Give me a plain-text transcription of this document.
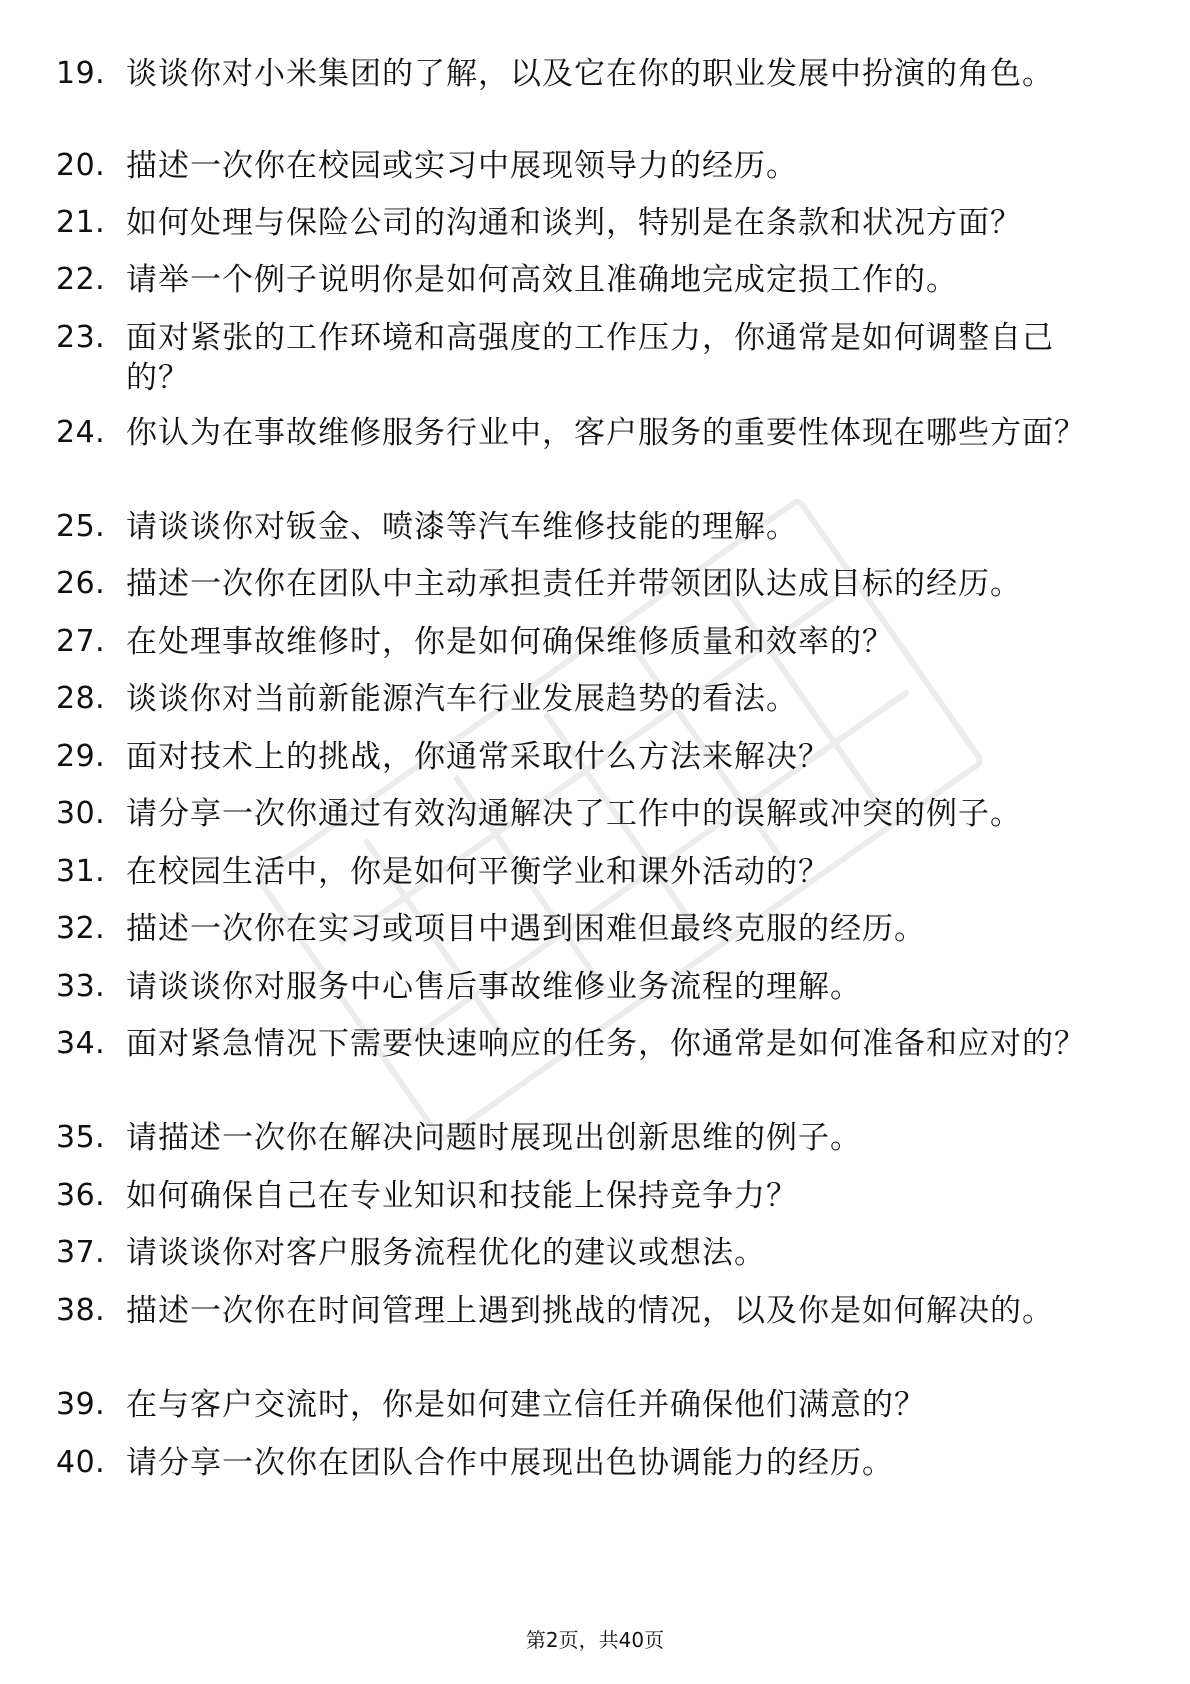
19. 谈谈你对小米集团的了解，以及它在你的职业发展中扮演的角色。
20. 描述一次你在校园或实习中展现领导力的经历。
21. 如何处理与保险公司的沟通和谈判，特别是在条款和状况方面？
22. 请举一个例子说明你是如何高效且准确地完成定损工作的。
23. 面对紧张的工作环境和高强度的工作压力，你通常是如何调整自己的？
24. 你认为在事故维修服务行业中，客户服务的重要性体现在哪些方面？
25. 请谈谈你对钣金、喷漆等汽车维修技能的理解。
26. 描述一次你在团队中主动承担责任并带领团队达成目标的经历。
27. 在处理事故维修时，你是如何确保维修质量和效率的？
28. 谈谈你对当前新能源汽车行业发展趋势的看法。
29. 面对技术上的挑战，你通常采取什么方法来解决？
30. 请分享一次你通过有效沟通解决了工作中的误解或冲突的例子。
31. 在校园生活中，你是如何平衡学业和课外活动的？
32. 描述一次你在实习或项目中遇到困难但最终克服的经历。
33. 请谈谈你对服务中心售后事故维修业务流程的理解。
34. 面对紧急情况下需要快速响应的任务，你通常是如何准备和应对的？
35. 请描述一次你在解决问题时展现出创新思维的例子。
36. 如何确保自己在专业知识和技能上保持竞争力？
37. 请谈谈你对客户服务流程优化的建议或想法。
38. 描述一次你在时间管理上遇到挑战的情况，以及你是如何解决的。
39. 在与客户交流时，你是如何建立信任并确保他们满意的？
40. 请分享一次你在团队合作中展现出色协调能力的经历。
第2页，共40页
